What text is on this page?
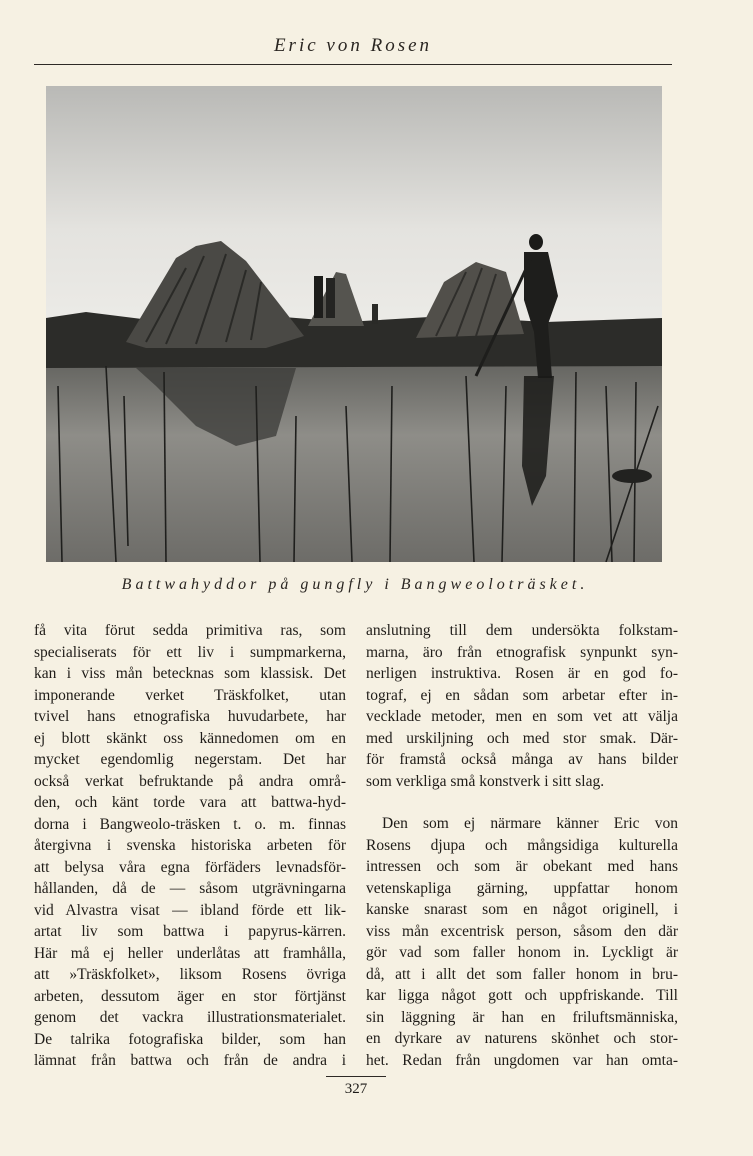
Eric von Rosen
Battwahyddor på gungfly i Bangweoloträsket.
få vita förut sedda primitiva ras, som
specialiserats för ett liv i sumpmarkerna,
kan i viss mån betecknas som klassisk. Det
imponerande verket Träskfolket, utan
tvivel hans etnografiska huvudarbete, har
ej blott skänkt oss kännedomen om en
mycket egendomlig negerstam. Det har
också verkat befruktande på andra områ-
den, och känt torde vara att battwa-hyd-
dorna i Bangweolo-träsken t. o. m. finnas
återgivna i svenska historiska arbeten för
att belysa våra egna förfäders levnadsför-
hållanden, då de — såsom utgrävningarna
vid Alvastra visat — ibland förde ett lik-
artat liv som battwa i papyrus-kärren.
Här må ej heller underlåtas att framhålla,
att »Träskfolket», liksom Rosens övriga
arbeten, dessutom äger en stor förtjänst
genom det vackra illustrationsmaterialet.
De talrika fotografiska bilder, som han
lämnat från battwa och från de andra i
anslutning till dem undersökta folkstam-
marna, äro från etnografisk synpunkt syn-
nerligen instruktiva. Rosen är en god fo-
tograf, ej en sådan som arbetar efter in-
vecklade metoder, men en som vet att välja
med urskiljning och med stor smak. Där-
för framstå också många av hans bilder
som verkliga små konstverk i sitt slag.
Den som ej närmare känner Eric von
Rosens djupa och mångsidiga kulturella
intressen och som är obekant med hans
vetenskapliga gärning, uppfattar honom
kanske snarast som en något originell, i
viss mån excentrisk person, såsom den där
gör vad som faller honom in. Lyckligt är
då, att i allt det som faller honom in bru-
kar ligga något gott och uppfriskande. Till
sin läggning är han en friluftsmänniska,
en dyrkare av naturens skönhet och stor-
het. Redan från ungdomen var han omta-
327
